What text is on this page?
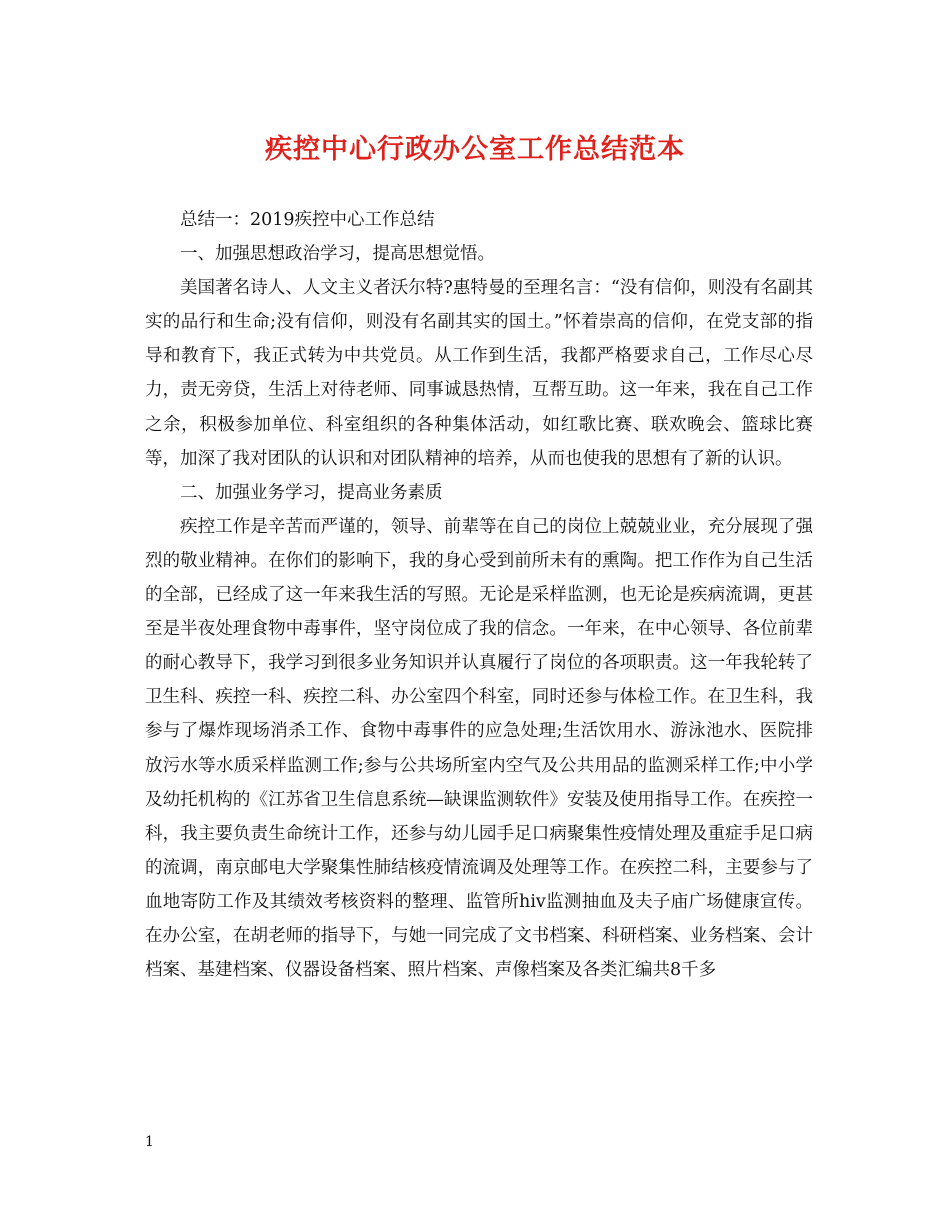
疾控中心行政办公室工作总结范本

总结一：2019疾控中心工作总结

一、加强思想政治学习，提高思想觉悟。

美国著名诗人、人文主义者沃尔特?惠特曼的至理名言：“没有信仰，则没有名副其实的品行和生命;没有信仰，则没有名副其实的国土。”怀着崇高的信仰，在党支部的指导和教育下，我正式转为中共党员。从工作到生活，我都严格要求自己，工作尽心尽力，责无旁贷，生活上对待老师、同事诚恳热情，互帮互助。这一年来，我在自己工作之余，积极参加单位、科室组织的各种集体活动，如红歌比赛、联欢晚会、篮球比赛等，加深了我对团队的认识和对团队精神的培养，从而也使我的思想有了新的认识。

二、加强业务学习，提高业务素质

疾控工作是辛苦而严谨的，领导、前辈等在自己的岗位上兢兢业业，充分展现了强烈的敬业精神。在你们的影响下，我的身心受到前所未有的熏陶。把工作作为自己生活的全部，已经成了这一年来我生活的写照。无论是采样监测，也无论是疾病流调，更甚至是半夜处理食物中毒事件，坚守岗位成了我的信念。一年来，在中心领导、各位前辈的耐心教导下，我学习到很多业务知识并认真履行了岗位的各项职责。这一年我轮转了卫生科、疾控一科、疾控二科、办公室四个科室，同时还参与体检工作。在卫生科，我参与了爆炸现场消杀工作、食物中毒事件的应急处理;生活饮用水、游泳池水、医院排放污水等水质采样监测工作;参与公共场所室内空气及公共用品的监测采样工作;中小学及幼托机构的《江苏省卫生信息系统—缺课监测软件》安装及使用指导工作。在疾控一科，我主要负责生命统计工作，还参与幼儿园手足口病聚集性疫情处理及重症手足口病的流调，南京邮电大学聚集性肺结核疫情流调及处理等工作。在疾控二科，主要参与了血地寄防工作及其绩效考核资料的整理、监管所hiv监测抽血及夫子庙广场健康宣传。在办公室，在胡老师的指导下，与她一同完成了文书档案、科研档案、业务档案、会计档案、基建档案、仪器设备档案、照片档案、声像档案及各类汇编共8千多

1
